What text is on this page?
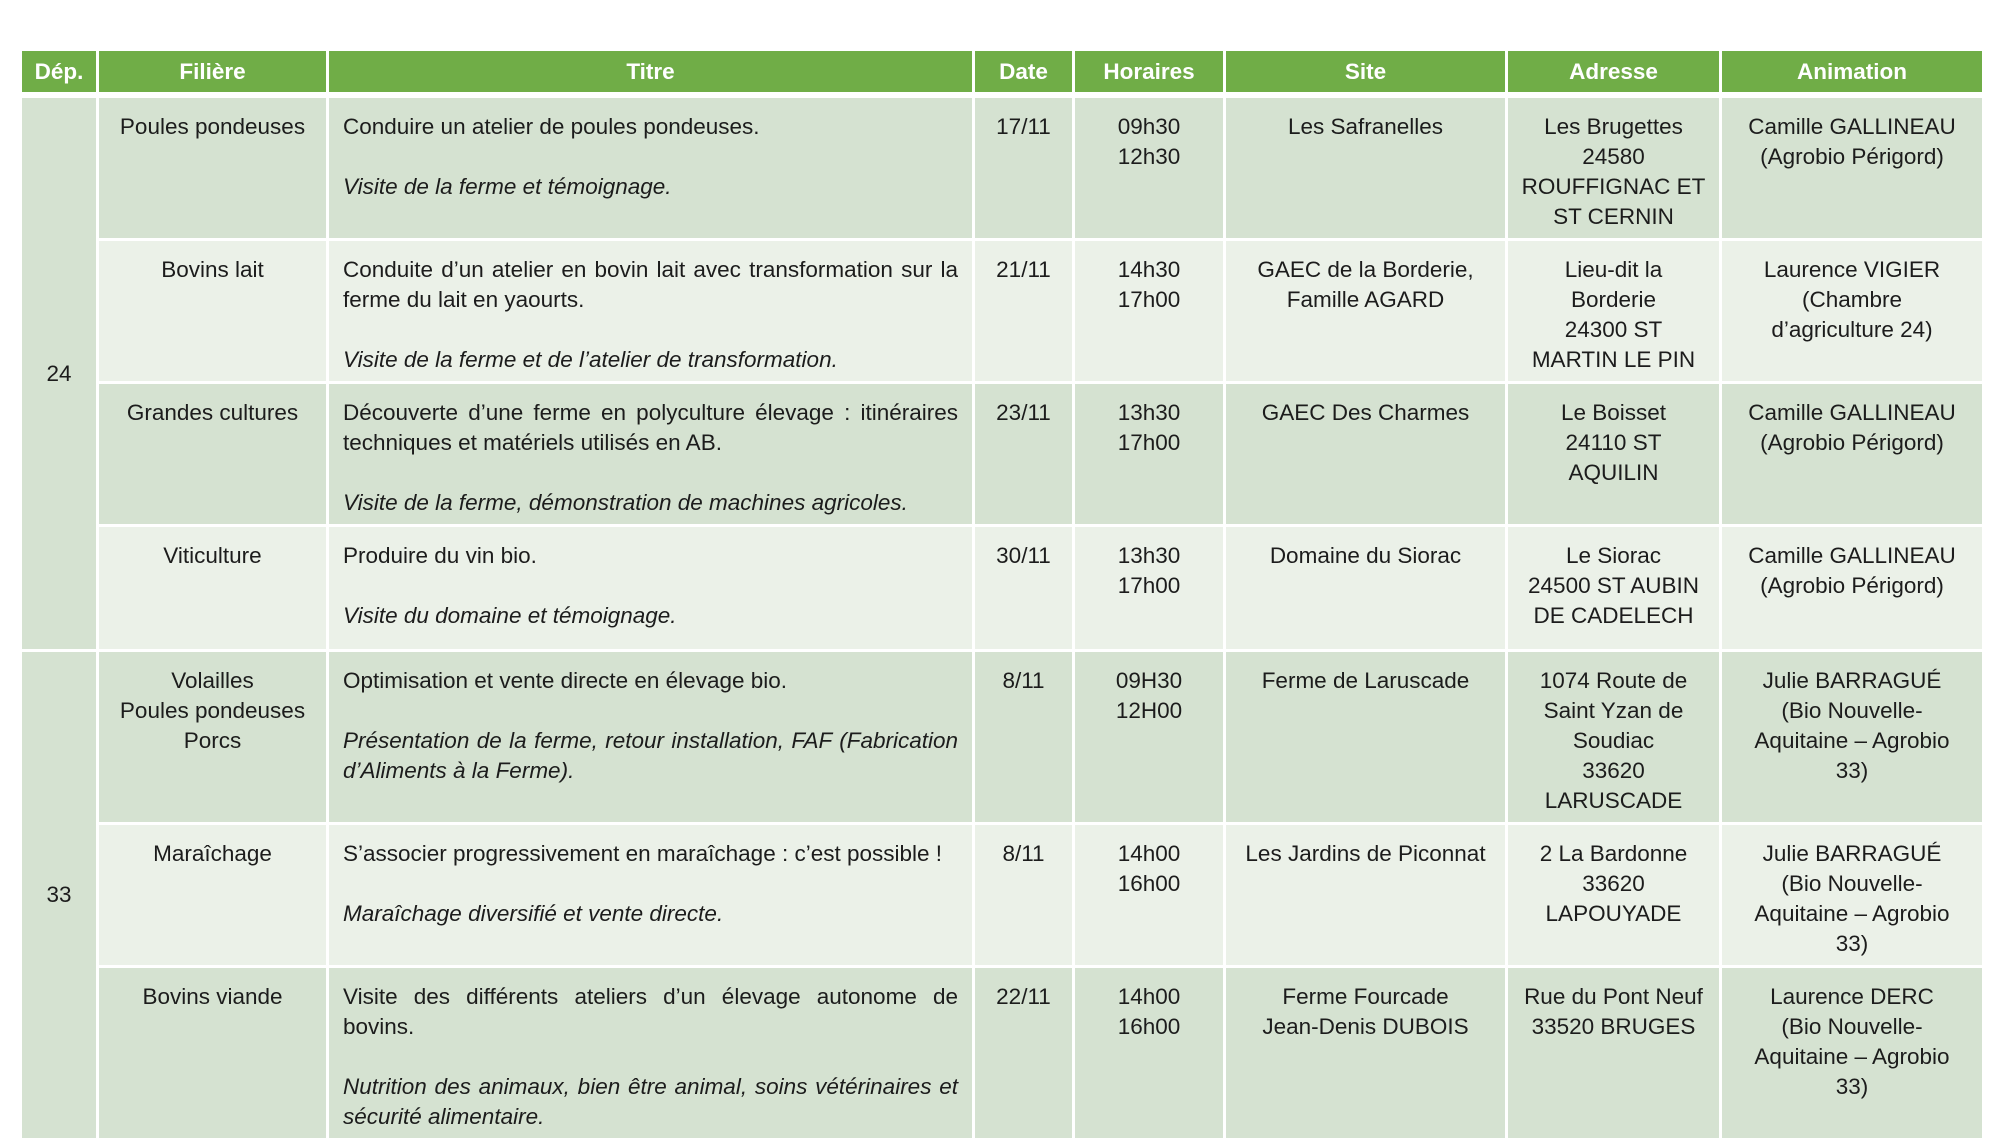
Dép.	Filière	Titre	Date	Horaires	Site	Adresse	Animation
24	Poules pondeuses	Conduire un atelier de poules pondeuses.
Visite de la ferme et témoignage.	17/11	09h30
12h30	Les Safranelles	Les Brugettes
24580
ROUFFIGNAC ET
ST CERNIN	Camille GALLINEAU
(Agrobio Périgord)

	Bovins lait	Conduite d’un atelier en bovin lait avec transformation sur la ferme du lait en yaourts.
Visite de la ferme et de l’atelier de transformation.	21/11	14h30
17h00	GAEC de la Borderie,
Famille AGARD	Lieu-dit la
Borderie
24300 ST
MARTIN LE PIN	Laurence VIGIER
(Chambre
d’agriculture 24)

	Grandes cultures	Découverte d’une ferme en polyculture élevage : itinéraires techniques et matériels utilisés en AB.
Visite de la ferme, démonstration de machines agricoles.	23/11	13h30
17h00	GAEC Des Charmes	Le Boisset
24110 ST
AQUILIN	Camille GALLINEAU
(Agrobio Périgord)

	Viticulture	Produire du vin bio.
Visite du domaine et témoignage.	30/11	13h30
17h00	Domaine du Siorac	Le Siorac
24500 ST AUBIN
DE CADELECH	Camille GALLINEAU
(Agrobio Périgord)

33	Volailles
Poules pondeuses
Porcs	Optimisation et vente directe en élevage bio.
Présentation de la ferme, retour installation, FAF (Fabrication d’Aliments à la Ferme).	8/11	09H30
12H00	Ferme de Laruscade	1074 Route de
Saint Yzan de
Soudiac
33620
LARUSCADE	Julie BARRAGUÉ
(Bio Nouvelle-
Aquitaine – Agrobio
33)

	Maraîchage	S’associer progressivement en maraîchage : c’est possible !
Maraîchage diversifié et vente directe.	8/11	14h00
16h00	Les Jardins de Piconnat	2 La Bardonne
33620
LAPOUYADE	Julie BARRAGUÉ
(Bio Nouvelle-
Aquitaine – Agrobio
33)

	Bovins viande	Visite des différents ateliers d’un élevage autonome de bovins.
Nutrition des animaux, bien être animal, soins vétérinaires et sécurité alimentaire.	22/11	14h00
16h00	Ferme Fourcade
Jean-Denis DUBOIS	Rue du Pont Neuf
33520 BRUGES	Laurence DERC
(Bio Nouvelle-
Aquitaine – Agrobio
33)
